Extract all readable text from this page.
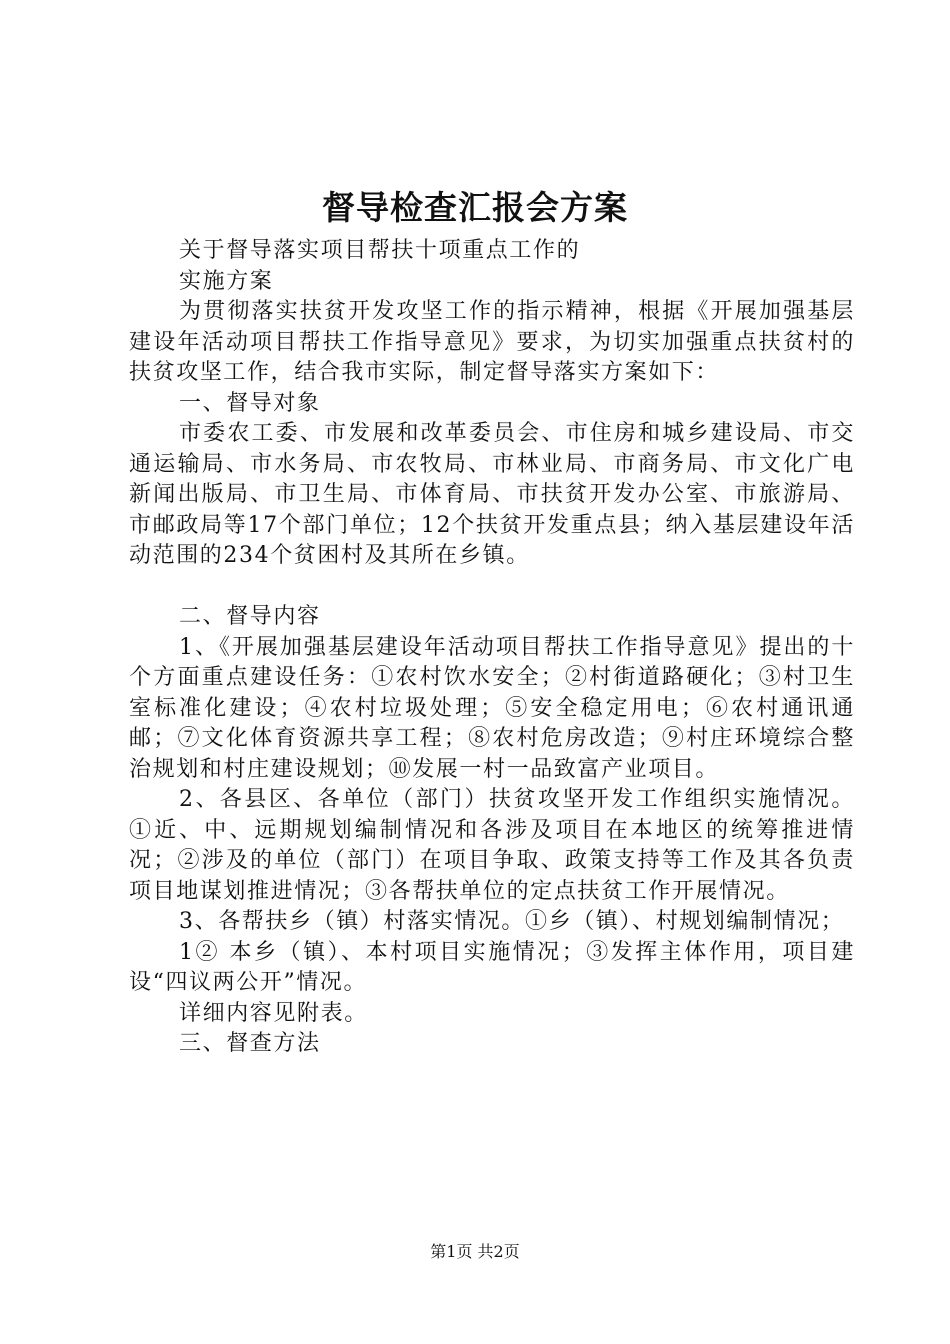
督导检查汇报会方案

关于督导落实项目帮扶十项重点工作的

实施方案

为贯彻落实扶贫开发攻坚工作的指示精神，根据《开展加强基层建设年活动项目帮扶工作指导意见》要求，为切实加强重点扶贫村的扶贫攻坚工作，结合我市实际，制定督导落实方案如下：

一、督导对象

市委农工委、市发展和改革委员会、市住房和城乡建设局、市交通运输局、市水务局、市农牧局、市林业局、市商务局、市文化广电新闻出版局、市卫生局、市体育局、市扶贫开发办公室、市旅游局、市邮政局等17个部门单位；12个扶贫开发重点县；纳入基层建设年活动范围的234个贫困村及其所在乡镇。

二、督导内容

1、《开展加强基层建设年活动项目帮扶工作指导意见》提出的十个方面重点建设任务：①农村饮水安全；②村街道路硬化；③村卫生室标准化建设；④农村垃圾处理；⑤安全稳定用电；⑥农村通讯通邮；⑦文化体育资源共享工程；⑧农村危房改造；⑨村庄环境综合整治规划和村庄建设规划；⑩发展一村一品致富产业项目。

2、各县区、各单位（部门）扶贫攻坚开发工作组织实施情况。①近、中、远期规划编制情况和各涉及项目在本地区的统筹推进情况；②涉及的单位（部门）在项目争取、政策支持等工作及其各负责项目地谋划推进情况；③各帮扶单位的定点扶贫工作开展情况。

3、各帮扶乡（镇）村落实情况。①乡（镇）、村规划编制情况；

1② 本乡（镇）、本村项目实施情况；③发挥主体作用，项目建设“四议两公开”情况。

详细内容见附表。

三、督查方法

第1页 共2页
